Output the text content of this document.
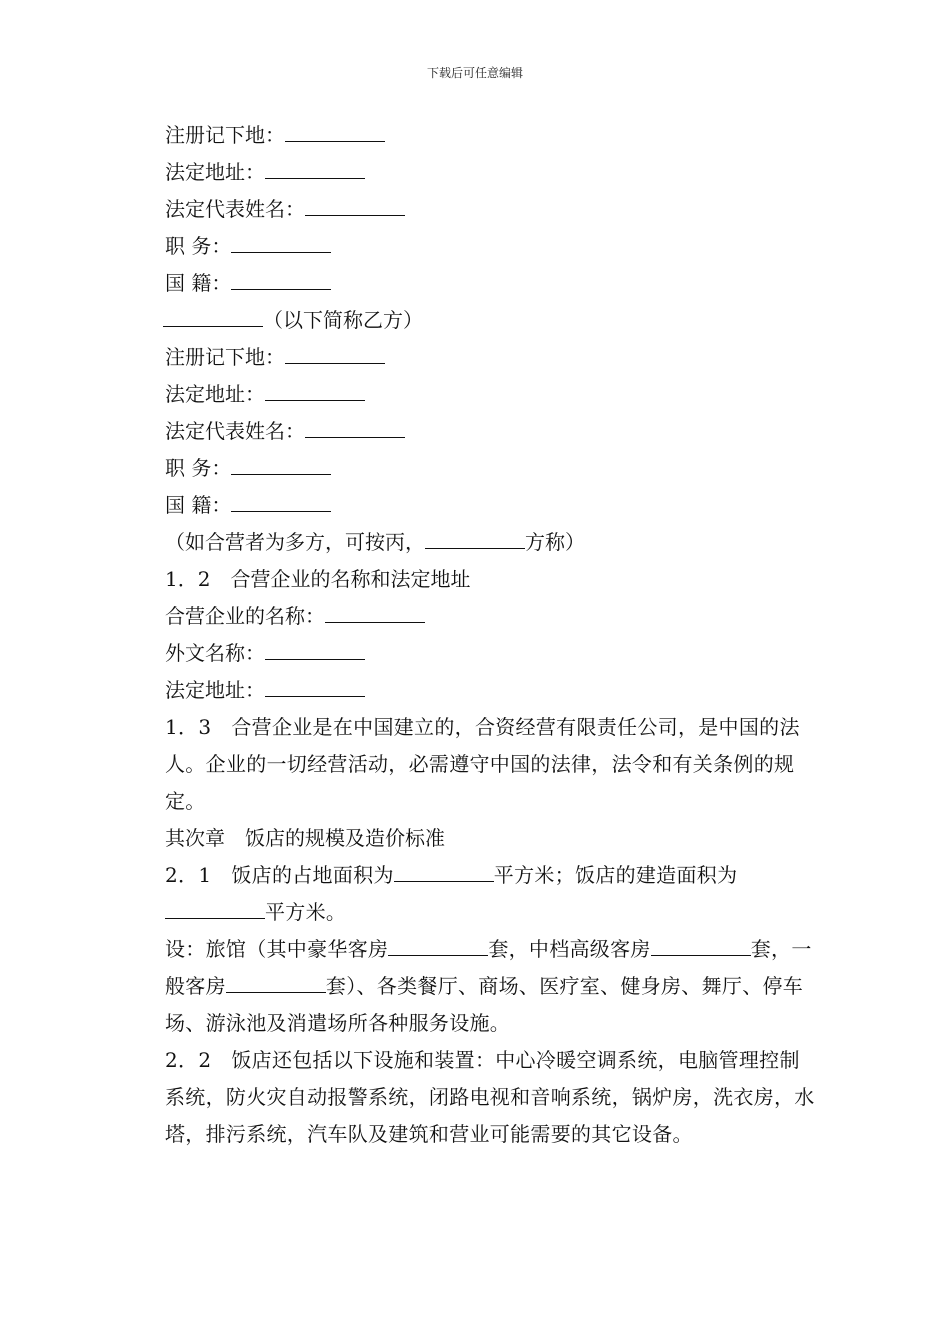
下载后可任意编辑
注册记下地：
法定地址：
法定代表姓名：
职 务：
国 籍：
（以下简称乙方）
注册记下地：
法定地址：
法定代表姓名：
职 务：
国 籍：
（如合营者为多方，可按丙，	方称）
1．2 合营企业的名称和法定地址
合营企业的名称：
外文名称：
法定地址：
1．3 合营企业是在中国建立的，合资经营有限责任公司，是中国的法人。企业的一切经营活动，必需遵守中国的法律，法令和有关条例的规定。
其次章 饭店的规模及造价标准
2．1 饭店的占地面积为	平方米；饭店的建造面积为平方米。
设：旅馆（其中豪华客房	套，中档高级客房	套，一般客房	套）、各类餐厅、商场、医疗室、健身房、舞厅、停车场、游泳池及消遣场所各种服务设施。
2．2 饭店还包括以下设施和装置：中心冷暖空调系统，电脑管理控制系统，防火灾自动报警系统，闭路电视和音响系统，锅炉房，洗衣房，水塔，排污系统，汽车队及建筑和营业可能需要的其它设备。
